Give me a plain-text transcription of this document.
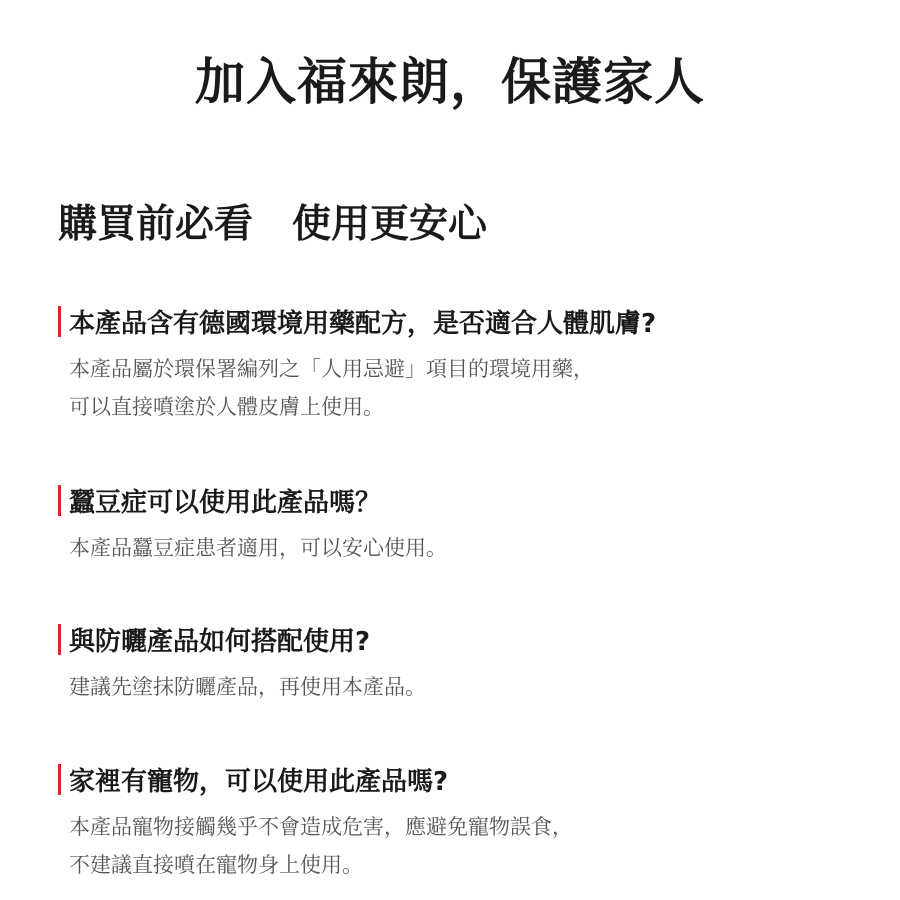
加入福來朗，保護家人
購買前必看　使用更安心
本產品含有德國環境用藥配方，是否適合人體肌膚?
本產品屬於環保署編列之「人用忌避」項目的環境用藥，
可以直接噴塗於人體皮膚上使用。
蠶豆症可以使用此產品嗎？
本產品蠶豆症患者適用，可以安心使用。
與防曬產品如何搭配使用?
建議先塗抹防曬產品，再使用本產品。
家裡有寵物，可以使用此產品嗎?
本產品寵物接觸幾乎不會造成危害，應避免寵物誤食，
不建議直接噴在寵物身上使用。
